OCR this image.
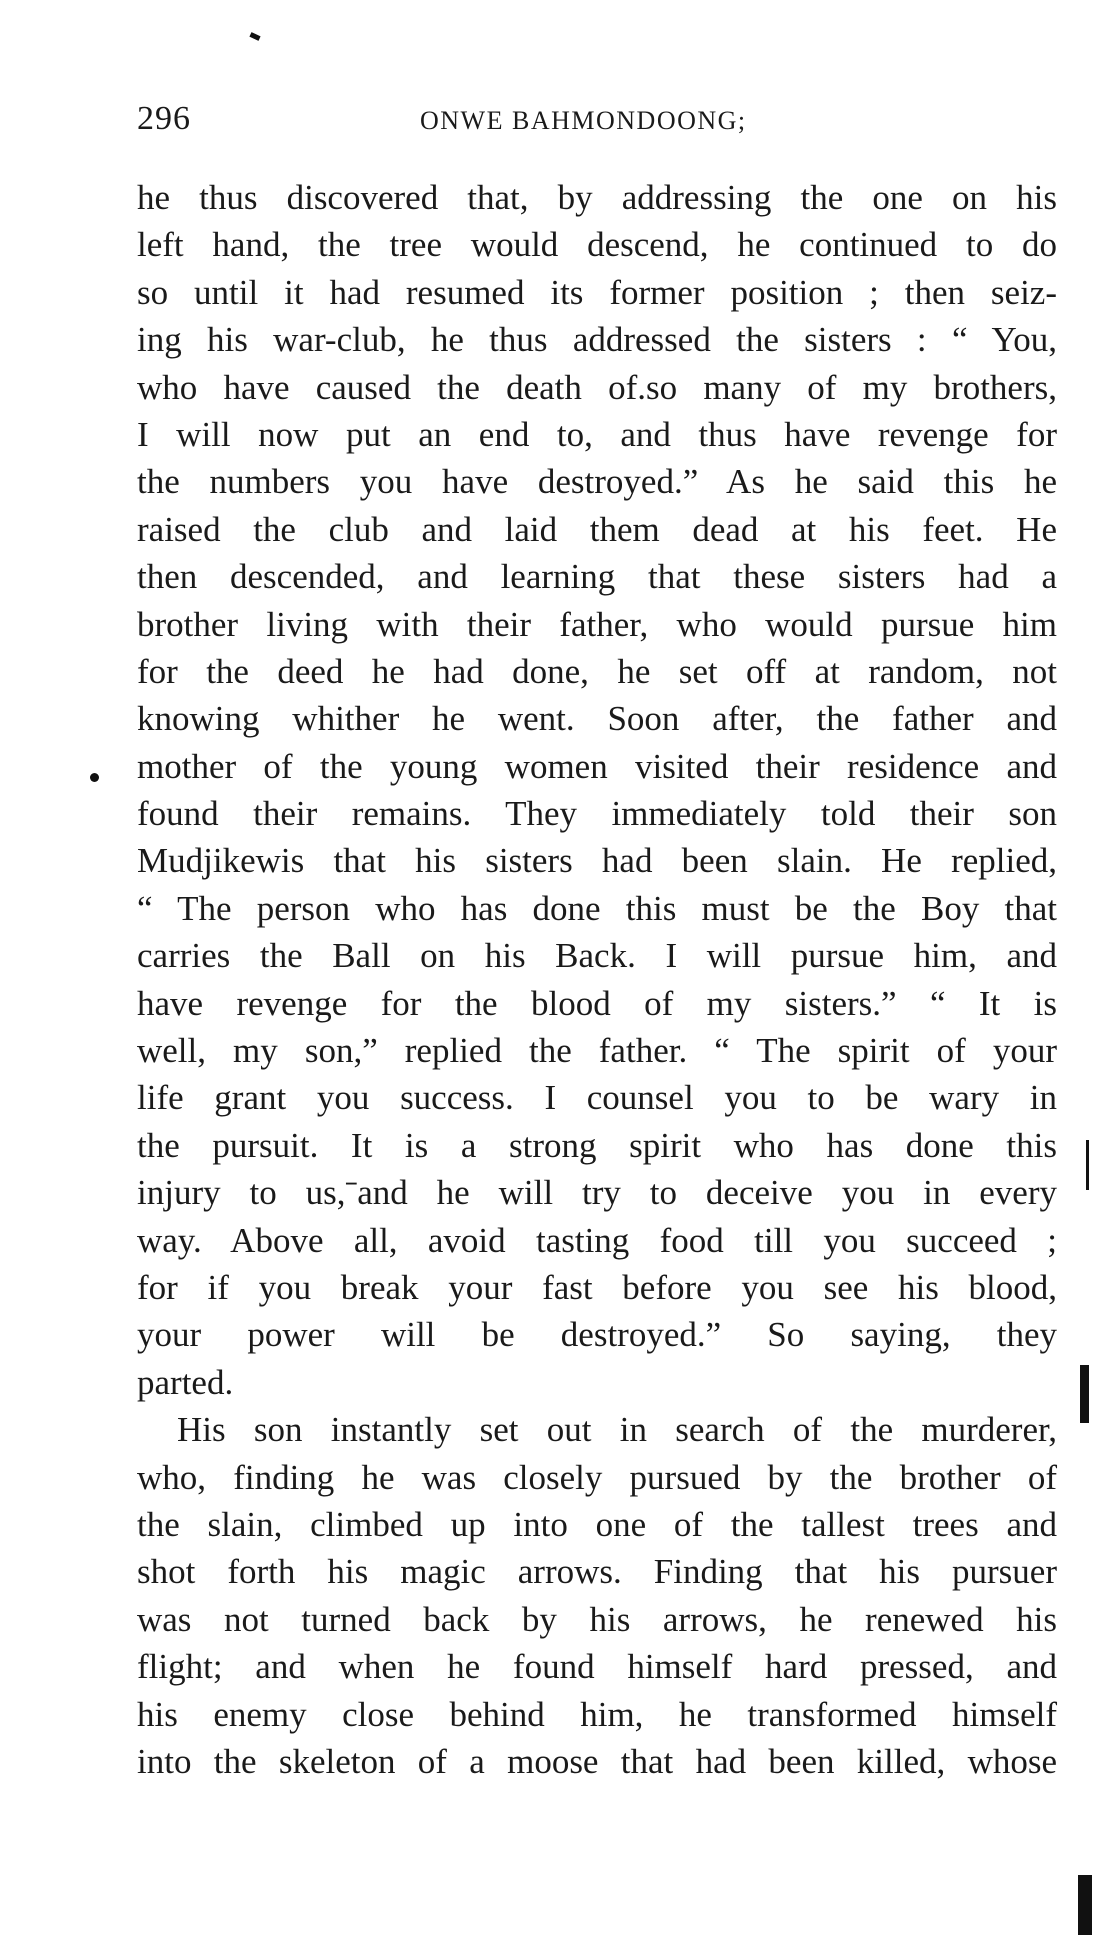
296	ONWE BAHMONDOONG;
he thus discovered that, by addressing the one on his
left hand, the tree would descend, he continued to do
so until it had resumed its former position ; then seiz-
ing his war-club, he thus addressed the sisters : “ You,
who have caused the death of.so many of my brothers,
I will now put an end to, and thus have revenge for
the numbers you have destroyed.” As he said this he
raised the club and laid them dead at his feet. He
then descended, and learning that these sisters had a
brother living with their father, who would pursue him
for the deed he had done, he set off at random, not
knowing whither he went. Soon after, the father and
mother of the young women visited their residence and
found their remains. They immediately told their son
Mudjikewis that his sisters had been slain. He replied,
“ The person who has done this must be the Boy that
carries the Ball on his Back. I will pursue him, and
have revenge for the blood of my sisters.” “ It is
well, my son,” replied the father. “ The spirit of your
life grant you success. I counsel you to be wary in
the pursuit. It is a strong spirit who has done this
injury to us,ˉand he will try to deceive you in every
way. Above all, avoid tasting food till you succeed ;
for if you break your fast before you see his blood,
your power will be destroyed.” So saying, they
parted.
His son instantly set out in search of the murderer,
who, finding he was closely pursued by the brother of
the slain, climbed up into one of the tallest trees and
shot forth his magic arrows. Finding that his pursuer
was not turned back by his arrows, he renewed his
flight; and when he found himself hard pressed, and
his enemy close behind him, he transformed himself
into the skeleton of a moose that had been killed, whose
